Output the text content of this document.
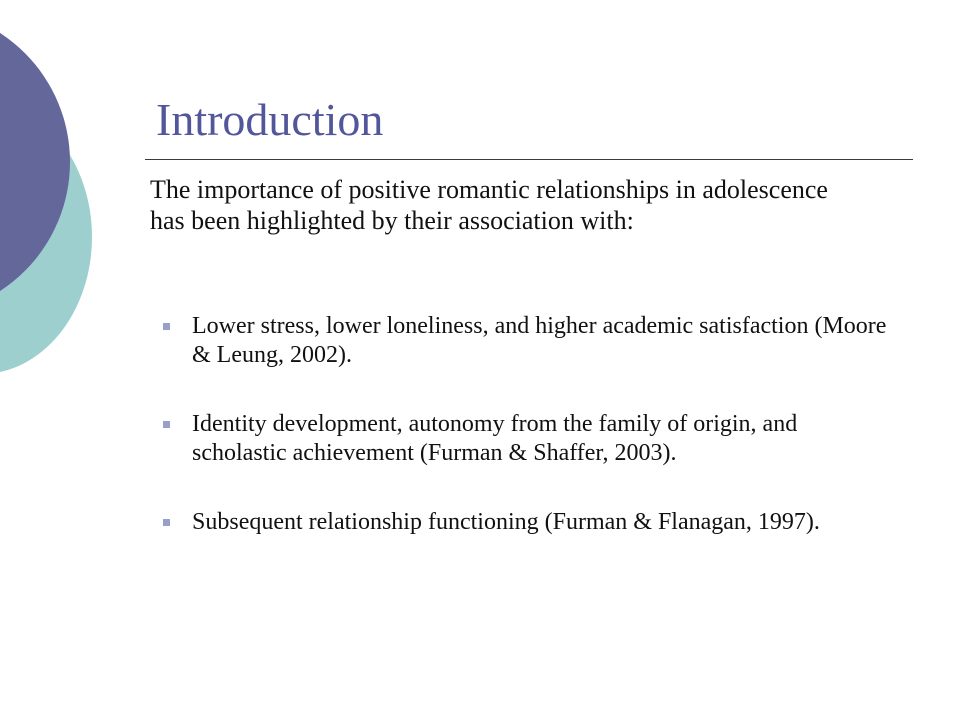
Introduction

The importance of positive romantic relationships in adolescence has been highlighted by their association with:

Lower stress, lower loneliness, and higher academic satisfaction (Moore & Leung, 2002).
Identity development, autonomy from the family of origin, and scholastic achievement (Furman & Shaffer, 2003).
Subsequent relationship functioning (Furman & Flanagan, 1997).
